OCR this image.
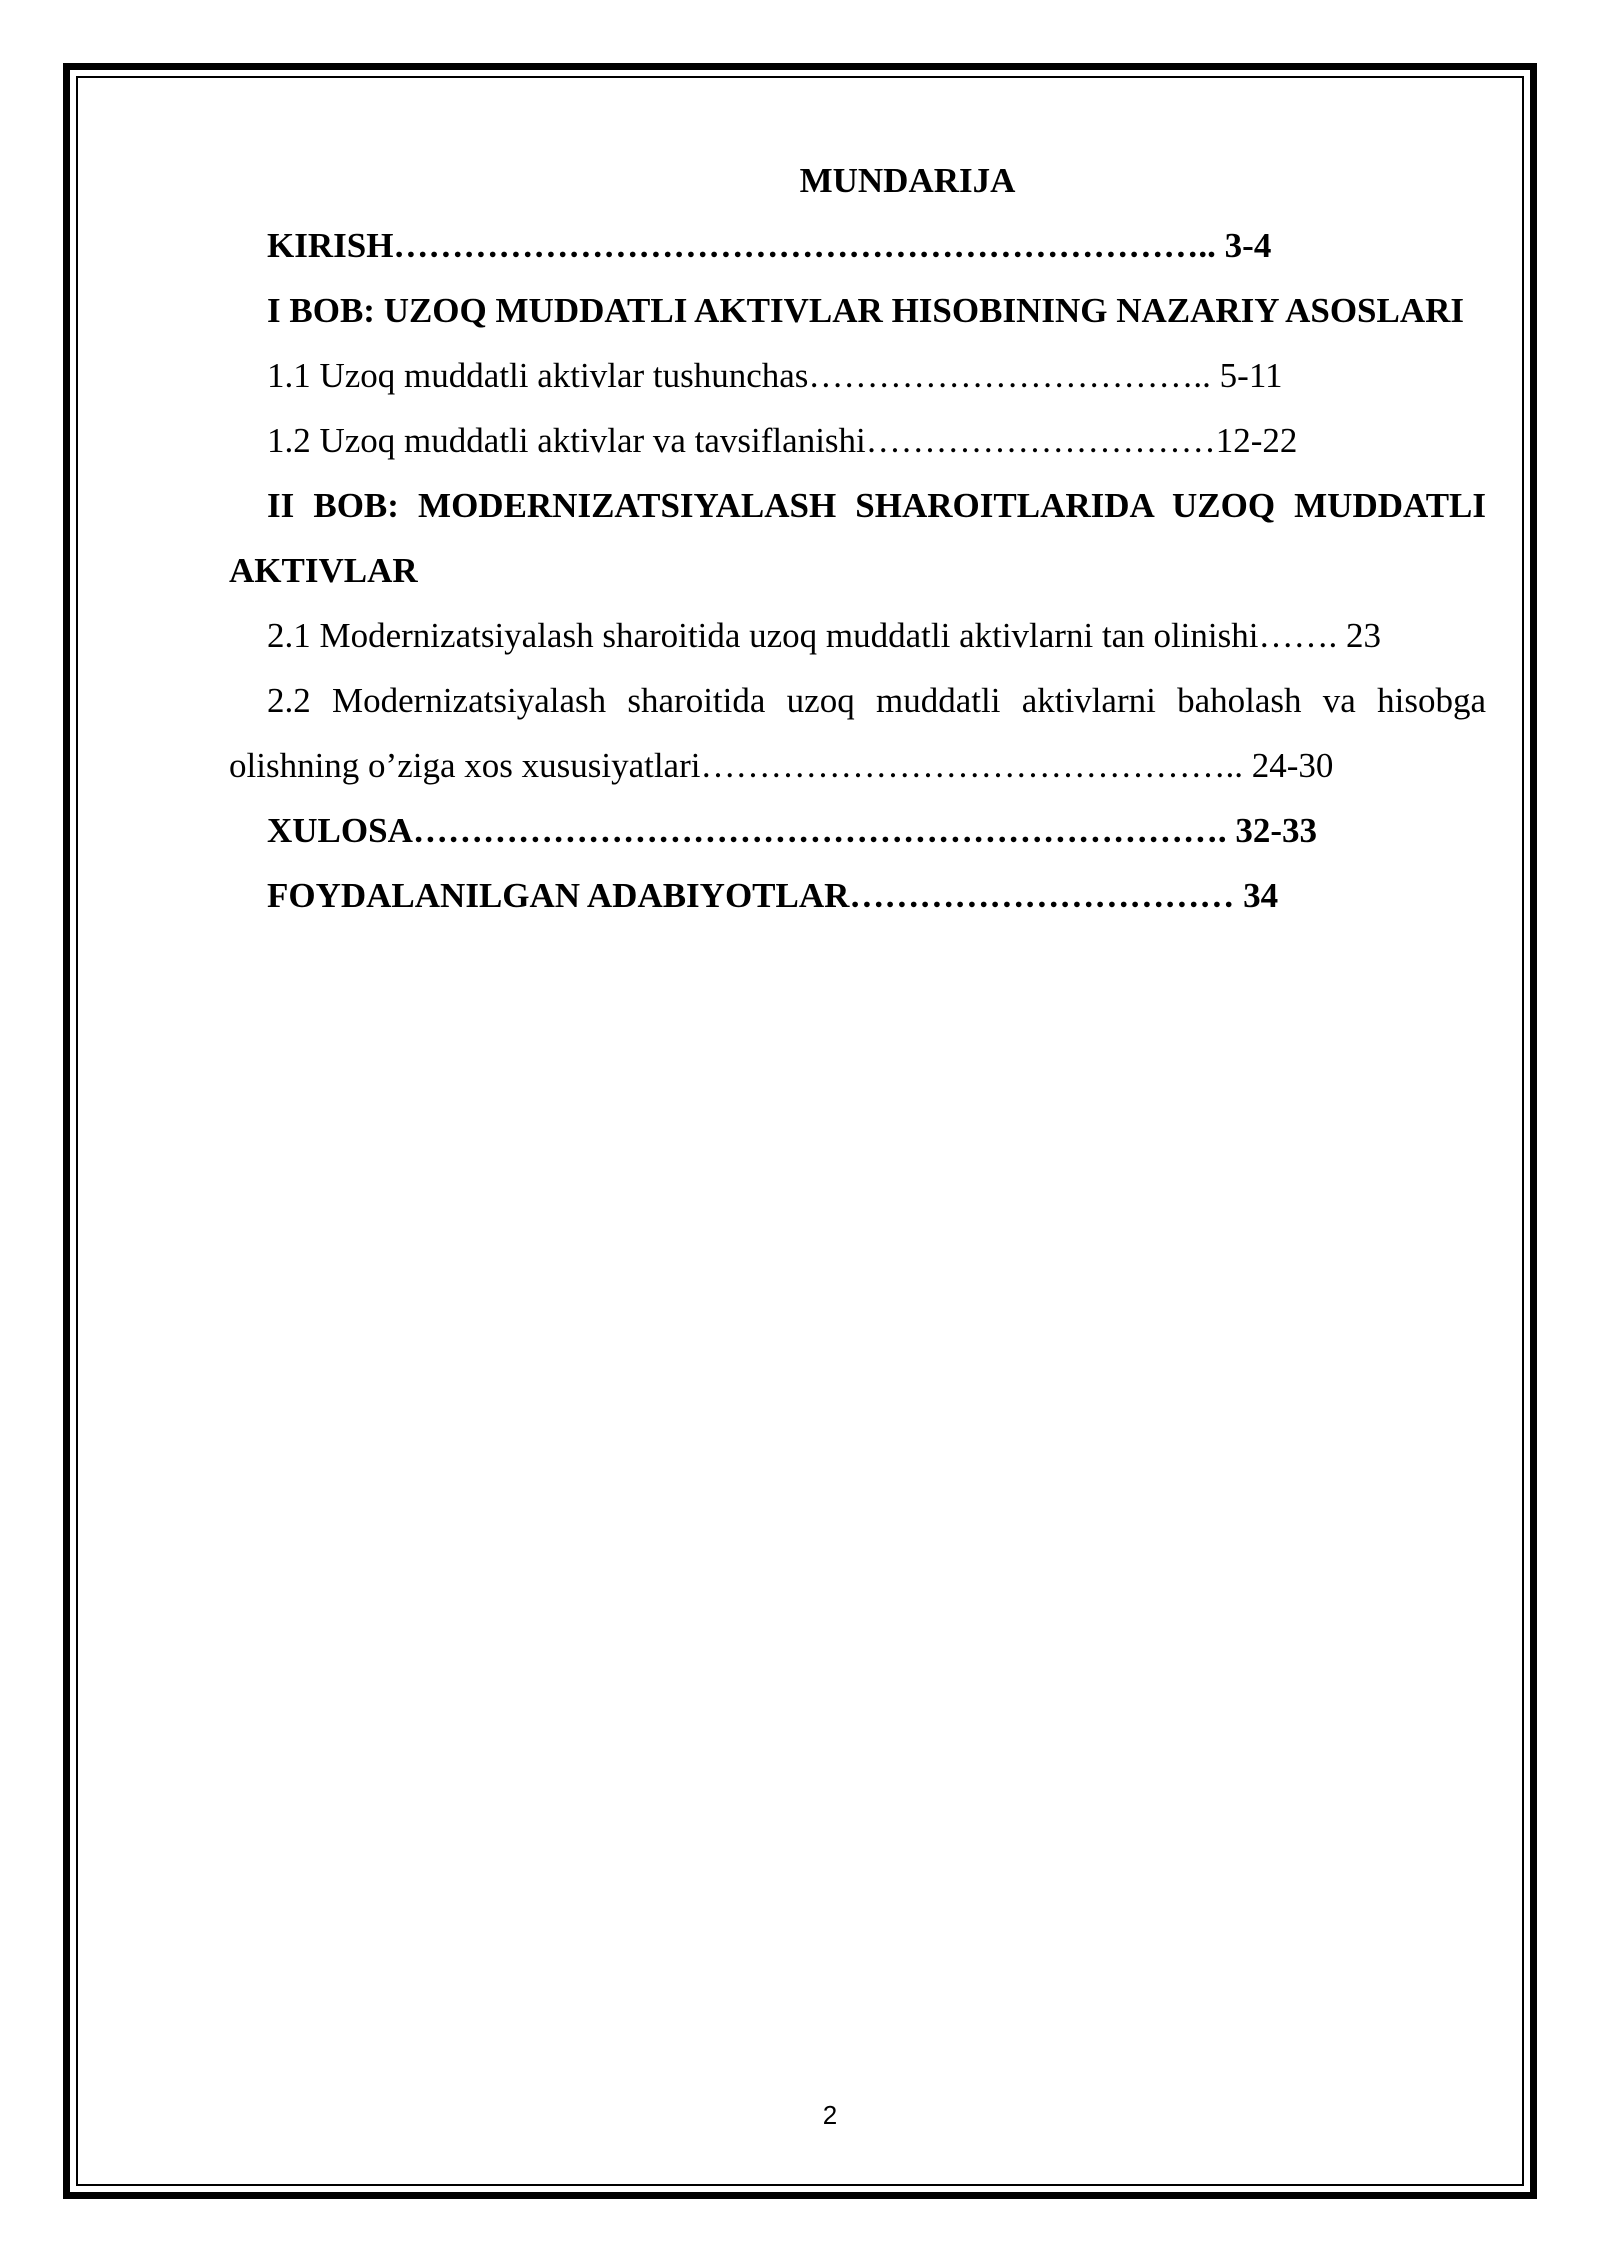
MUNDARIJA

KIRISH…………………………………………………………….. 3-4

I BOB: UZOQ MUDDATLI AKTIVLAR HISOBINING NAZARIY ASOSLARI

1.1 Uzoq muddatli aktivlar tushunchas…………………………….. 5-11

1.2 Uzoq muddatli aktivlar va tavsiflanishi…………………………12-22

II BOB: MODERNIZATSIYALASH SHAROITLARIDA UZOQ MUDDATLI AKTIVLAR

2.1 Modernizatsiyalash sharoitida uzoq muddatli aktivlarni tan olinishi……. 23

2.2 Modernizatsiyalash sharoitida uzoq muddatli aktivlarni baholash va hisobga olishning o’ziga xos xususiyatlari……………………………………….. 24-30

XULOSA……………………………………………………………. 32-33

FOYDALANILGAN ADABIYOTLAR…………………………… 34

2
